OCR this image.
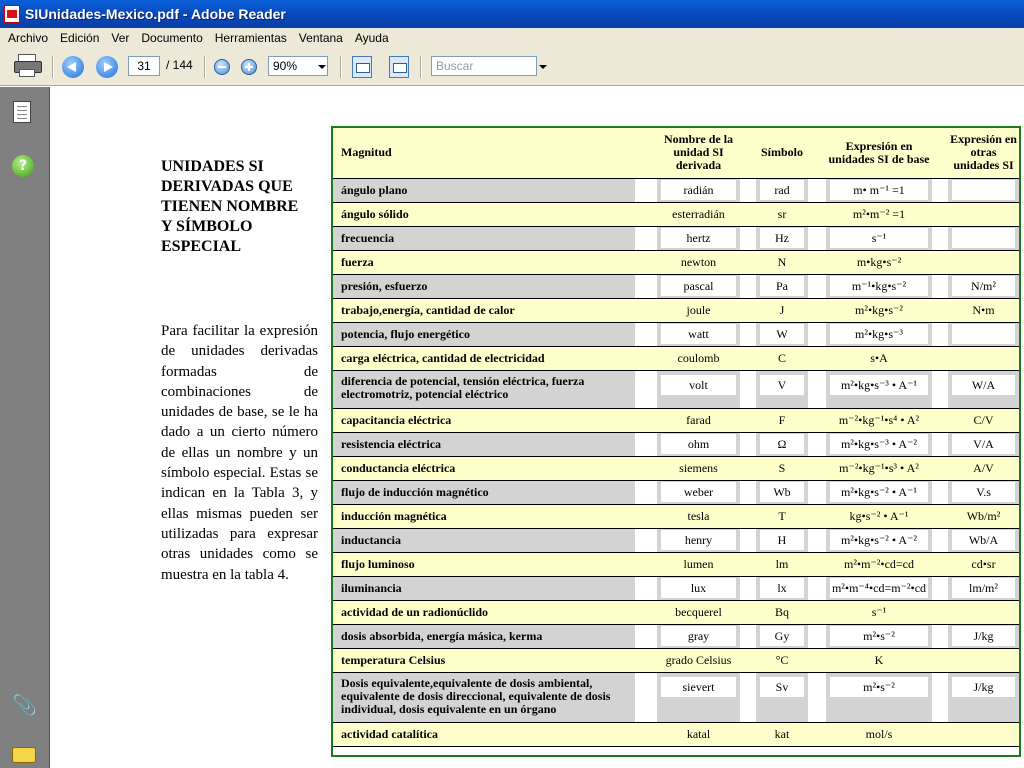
SIUnidades-Mexico.pdf - Adobe Reader
Archivo	Edición	Ver	Documento	Herramientas	Ventana	Ayuda
31	/ 144	90%	Buscar
?
📎
UNIDADES SI DERIVADAS QUE TIENEN NOMBRE Y SÍMBOLO ESPECIAL
Para facilitar la expresión de unidades derivadas formadas de combinaciones de unidades de base, se le ha dado a un cierto número de ellas un nombre y un símbolo especial. Estas se indican en la Tabla 3, y ellas mismas pueden ser utilizadas para expresar otras unidades como se muestra en la tabla 4.
Magnitud		Nombre de la unidad SI derivada		Símbolo		Expresión en unidades SI de base		Expresión en otras unidades SI
ángulo plano		radián		rad		m• m⁻¹ =1		

ángulo sólido		esterradián		sr		m²•m⁻² =1		

frecuencia		hertz		Hz		s⁻¹		

fuerza		newton		N		m•kg•s⁻²		

presión, esfuerzo		pascal		Pa		m⁻¹•kg•s⁻²		N/m²

trabajo,energía, cantidad de calor		joule		J		m²•kg•s⁻²		N•m

potencia, flujo energético		watt		W		m²•kg•s⁻³		

carga eléctrica, cantidad de electricidad		coulomb		C		s•A		

diferencia de potencial, tensión eléctrica, fuerza electromotriz, potencial eléctrico		volt		V		m²•kg•s⁻³ • A⁻¹		W/A

capacitancia eléctrica		farad		F		m⁻²•kg⁻¹•s⁴ • A²		C/V

resistencia eléctrica		ohm		Ω		m²•kg•s⁻³ • A⁻²		V/A

conductancia eléctrica		siemens		S		m⁻²•kg⁻¹•s³ • A²		A/V

flujo de inducción magnético		weber		Wb		m²•kg•s⁻² • A⁻¹		V.s

inducción magnética		tesla		T		kg•s⁻² • A⁻¹		Wb/m²

inductancia		henry		H		m²•kg•s⁻² • A⁻²		Wb/A

flujo luminoso		lumen		lm		m²•m⁻²•cd=cd		cd•sr

iluminancia		lux		lx		m²•m⁻⁴•cd=m⁻²•cd		lm/m²

actividad de un radionúclido		becquerel		Bq		s⁻¹		

dosis absorbida, energía másica, kerma		gray		Gy		m²•s⁻²		J/kg

temperatura Celsius		grado Celsius		°C		K		

Dosis equivalente,equivalente de dosis ambiental, equivalente de dosis direccional, equivalente de dosis individual, dosis equivalente en un órgano		sievert		Sv		m²•s⁻²		J/kg

actividad catalítica		katal		kat		mol/s		
